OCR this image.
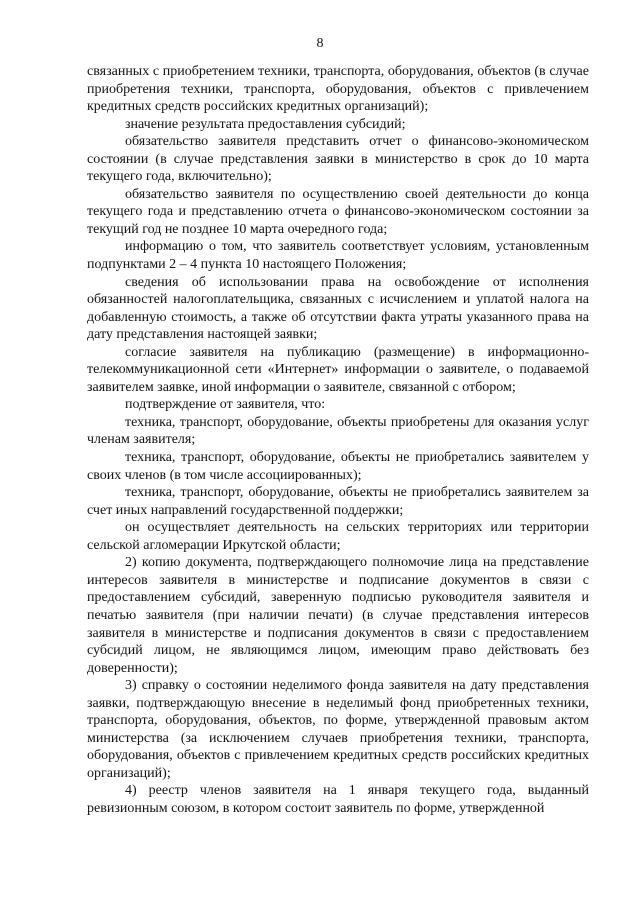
8

связанных с приобретением техники, транспорта, оборудования, объектов (в случае приобретения техники, транспорта, оборудования, объектов с привлечением кредитных средств российских кредитных организаций);

значение результата предоставления субсидий;

обязательство заявителя представить отчет о финансово-экономическом состоянии (в случае представления заявки в министерство в срок до 10 марта текущего года, включительно);

обязательство заявителя по осуществлению своей деятельности до конца текущего года и представлению отчета о финансово-экономическом состоянии за текущий год не позднее 10 марта очередного года;

информацию о том, что заявитель соответствует условиям, установленным подпунктами 2 – 4 пункта 10 настоящего Положения;

сведения об использовании права на освобождение от исполнения обязанностей налогоплательщика, связанных с исчислением и уплатой налога на добавленную стоимость, а также об отсутствии факта утраты указанного права на дату представления настоящей заявки;

согласие заявителя на публикацию (размещение) в информационно-телекоммуникационной сети «Интернет» информации о заявителе, о подаваемой заявителем заявке, иной информации о заявителе, связанной с отбором;

подтверждение от заявителя, что:

техника, транспорт, оборудование, объекты приобретены для оказания услуг членам заявителя;

техника, транспорт, оборудование, объекты не приобретались заявителем у своих членов (в том числе ассоциированных);

техника, транспорт, оборудование, объекты не приобретались заявителем за счет иных направлений государственной поддержки;

он осуществляет деятельность на сельских территориях или территории сельской агломерации Иркутской области;

2) копию документа, подтверждающего полномочие лица на представление интересов заявителя в министерстве и подписание документов в связи с предоставлением субсидий, заверенную подписью руководителя заявителя и печатью заявителя (при наличии печати) (в случае представления интересов заявителя в министерстве и подписания документов в связи с предоставлением субсидий лицом, не являющимся лицом, имеющим право действовать без доверенности);

3) справку о состоянии неделимого фонда заявителя на дату представления заявки, подтверждающую внесение в неделимый фонд приобретенных техники, транспорта, оборудования, объектов, по форме, утвержденной правовым актом министерства (за исключением случаев приобретения техники, транспорта, оборудования, объектов с привлечением кредитных средств российских кредитных организаций);

4) реестр членов заявителя на 1 января текущего года, выданный ревизионным союзом, в котором состоит заявитель по форме, утвержденной
